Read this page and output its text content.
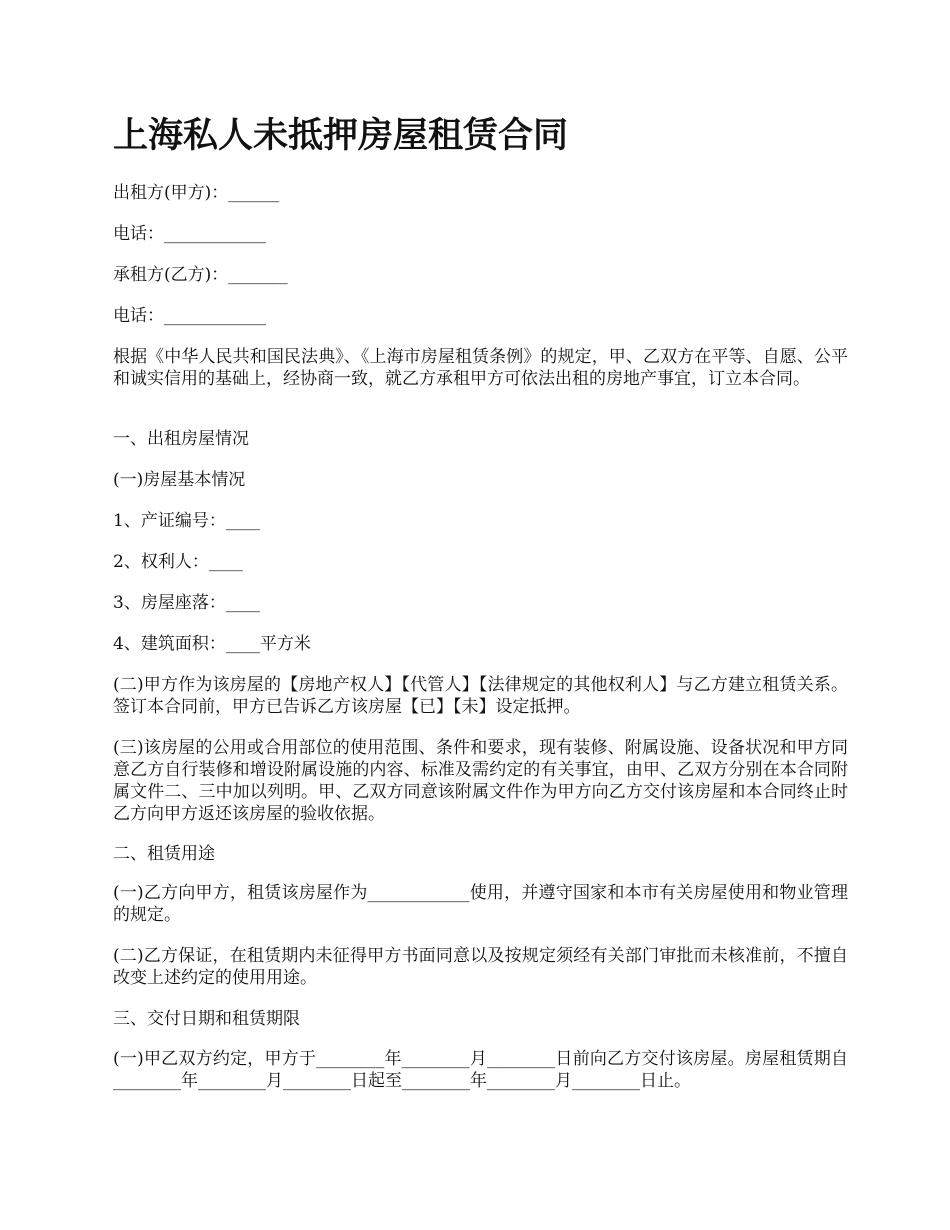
上海私人未抵押房屋租赁合同
出租方(甲方)：______
电话：____________
承租方(乙方)：_______
电话：____________
根据《中华人民共和国民法典》、《上海市房屋租赁条例》的规定，甲、乙双方在平等、自愿、公平和诚实信用的基础上，经协商一致，就乙方承租甲方可依法出租的房地产事宜，订立本合同。
一、出租房屋情况
(一)房屋基本情况
1、产证编号：____
2、权利人：____
3、房屋座落：____
4、建筑面积：____平方米
(二)甲方作为该房屋的【房地产权人】【代管人】【法律规定的其他权利人】与乙方建立租赁关系。签订本合同前，甲方已告诉乙方该房屋【已】【未】设定抵押。
(三)该房屋的公用或合用部位的使用范围、条件和要求，现有装修、附属设施、设备状况和甲方同意乙方自行装修和增设附属设施的内容、标准及需约定的有关事宜，由甲、乙双方分别在本合同附属文件二、三中加以列明。甲、乙双方同意该附属文件作为甲方向乙方交付该房屋和本合同终止时乙方向甲方返还该房屋的验收依据。
二、租赁用途
(一)乙方向甲方，租赁该房屋作为____________使用，并遵守国家和本市有关房屋使用和物业管理的规定。
(二)乙方保证，在租赁期内未征得甲方书面同意以及按规定须经有关部门审批而未核准前，不擅自改变上述约定的使用用途。
三、交付日期和租赁期限
(一)甲乙双方约定，甲方于________年________月________日前向乙方交付该房屋。房屋租赁期自________年________月________日起至________年________月________日止。
